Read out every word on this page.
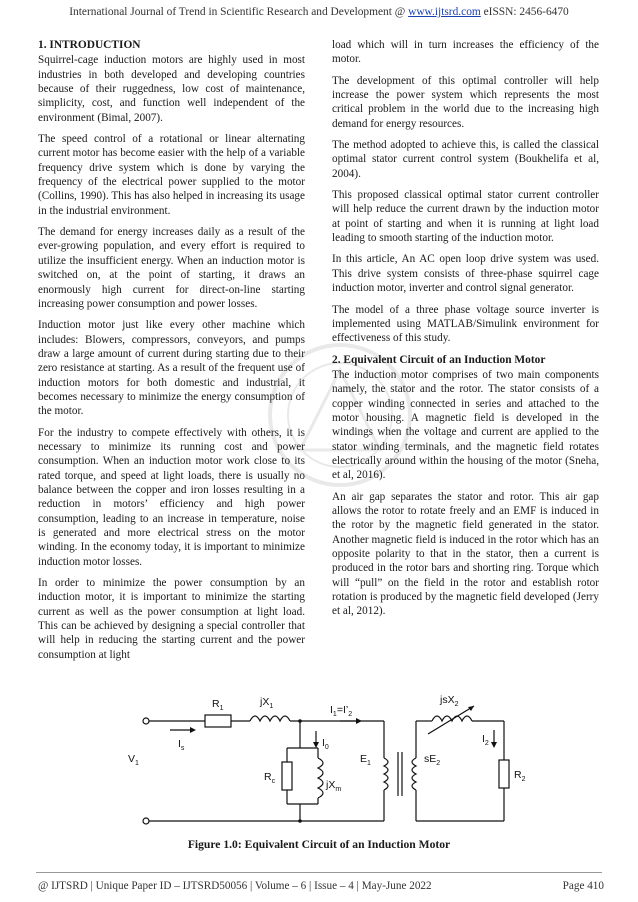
International Journal of Trend in Scientific Research and Development @ www.ijtsrd.com eISSN: 2456-6470
1. INTRODUCTION

Squirrel-cage induction motors are highly used in most industries in both developed and developing countries because of their ruggedness, low cost of maintenance, simplicity, cost, and function well independent of the environment (Bimal, 2007).

The speed control of a rotational or linear alternating current motor has become easier with the help of a variable frequency drive system which is done by varying the frequency of the electrical power supplied to the motor (Collins, 1990). This has also helped in increasing its usage in the industrial environment.

The demand for energy increases daily as a result of the ever-growing population, and every effort is required to utilize the insufficient energy. When an induction motor is switched on, at the point of starting, it draws an enormously high current for direct-on-line starting increasing power consumption and power losses.

Induction motor just like every other machine which includes: Blowers, compressors, conveyors, and pumps draw a large amount of current during starting due to their zero resistance at starting. As a result of the frequent use of induction motors for both domestic and industrial, it becomes necessary to minimize the energy consumption of the motor.

For the industry to compete effectively with others, it is necessary to minimize its running cost and power consumption. When an induction motor work close to its rated torque, and speed at light loads, there is usually no balance between the copper and iron losses resulting in a reduction in motors’ efficiency and high power consumption, leading to an increase in temperature, noise is generated and more electrical stress on the motor winding. In the economy today, it is important to minimize induction motor losses.

In order to minimize the power consumption by an induction motor, it is important to minimize the starting current as well as the power consumption at light load. This can be achieved by designing a special controller that will help in reducing the starting current and the power consumption at light

load which will in turn increases the efficiency of the motor.

The development of this optimal controller will help increase the power system which represents the most critical problem in the world due to the increasing high demand for energy resources.

The method adopted to achieve this, is called the classical optimal stator current control system (Boukhelifa et al, 2004).

This proposed classical optimal stator current controller will help reduce the current drawn by the induction motor at point of starting and when it is running at light load leading to smooth starting of the induction motor.

In this article, An AC open loop drive system was used. This drive system consists of three-phase squirrel cage induction motor, inverter and control signal generator.

The model of a three phase voltage source inverter is implemented using MATLAB/Simulink environment for effectiveness of this study.

2. Equivalent Circuit of an Induction Motor

The induction motor comprises of two main components namely, the stator and the rotor. The stator consists of a copper winding connected in series and attached to the motor housing. A magnetic field is developed in the windings when the voltage and current are applied to the stator winding terminals, and the magnetic field rotates electrically around within the housing of the motor (Sneha, et al, 2016).

An air gap separates the stator and rotor. This air gap allows the rotor to rotate freely and an EMF is induced in the rotor by the magnetic field generated in the stator. Another magnetic field is induced in the rotor which has an opposite polarity to that in the stator, then a current is produced in the rotor bars and shorting ring. Torque which will “pull” on the field in the rotor and establish rotor rotation is produced by the magnetic field developed (Jerry et al, 2012).

$R_1$
$jX_1$	$I_1=I’_2$
jsX$_2$
$V_1$
$I_s$	$I_0$
$E_1$	$sE_2$
$I_2$
$R_2$
$R_c$	$jX_m$
Figure 1.0: Equivalent Circuit of an Induction Motor
@ IJTSRD | Unique Paper ID – IJTSRD50056 | Volume – 6 | Issue – 4 | May-June 2022	Page 410
